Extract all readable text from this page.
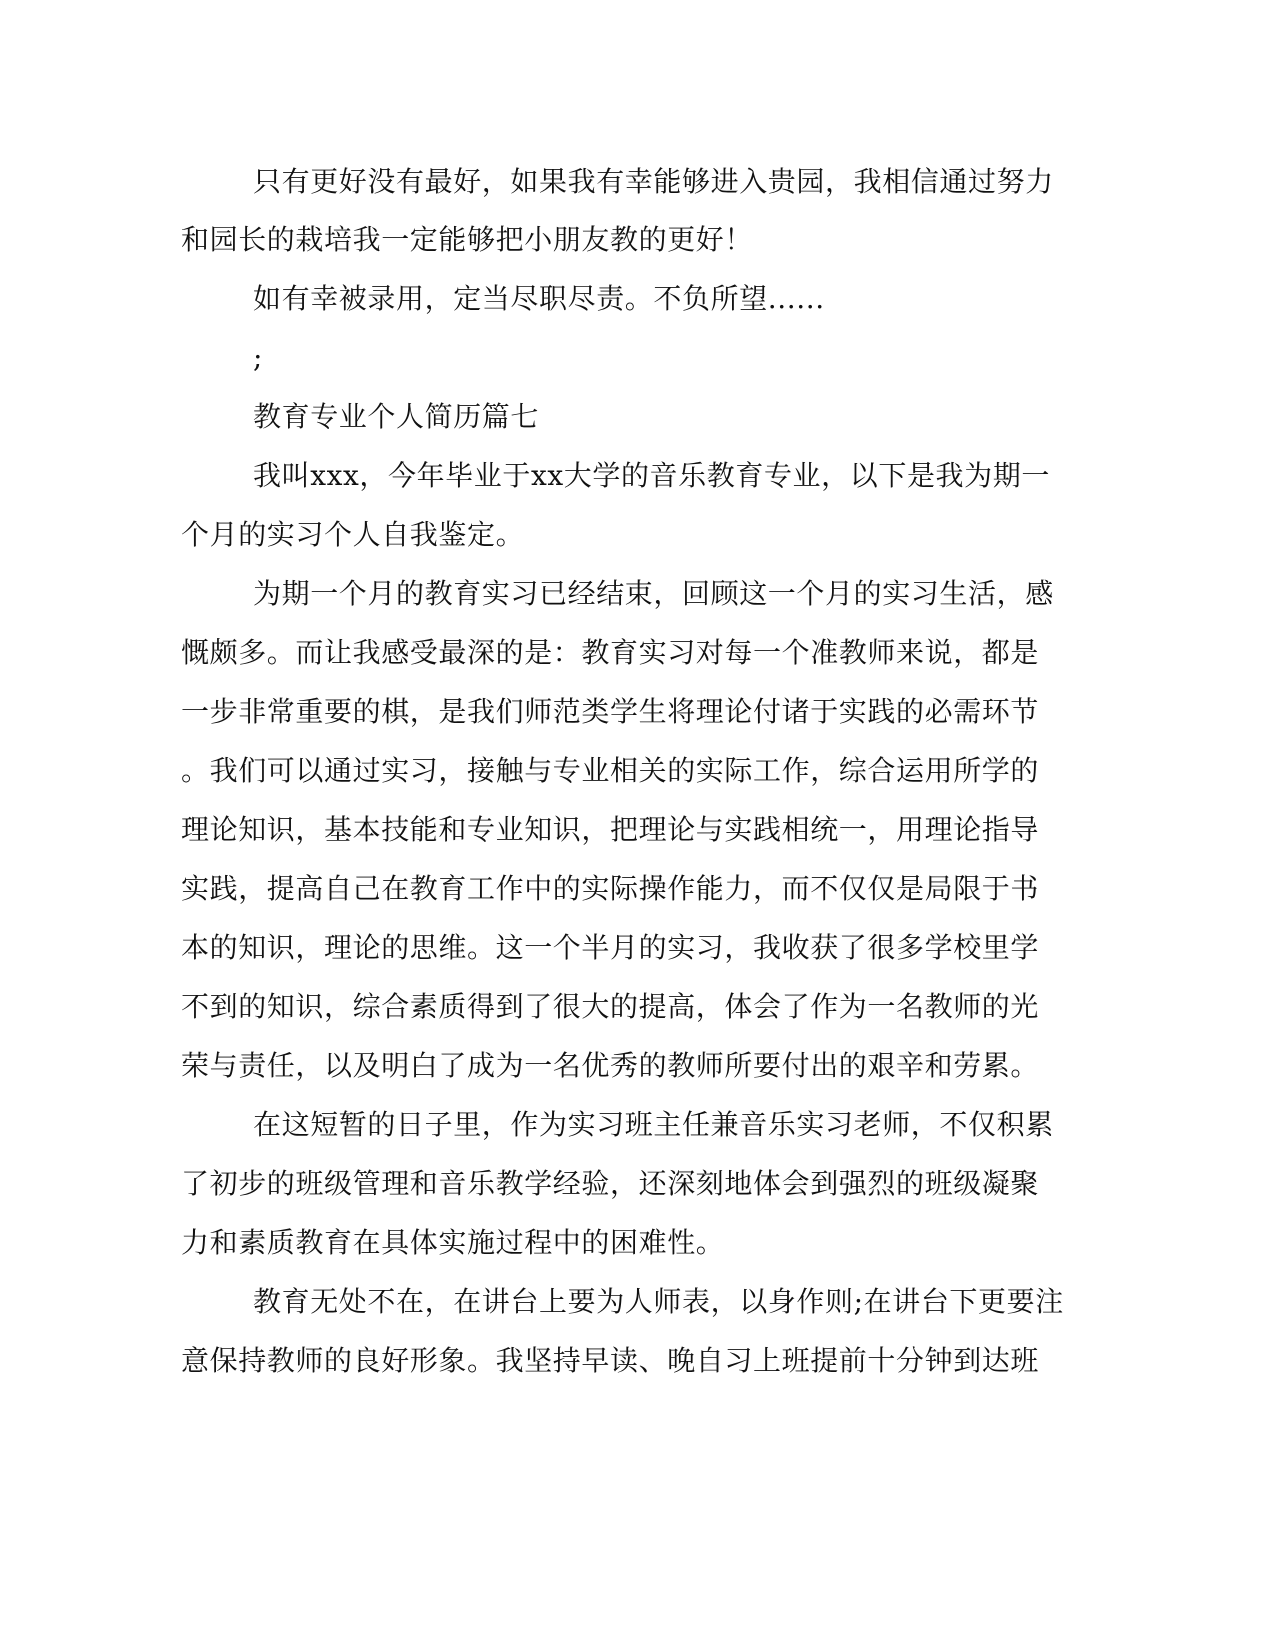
只有更好没有最好，如果我有幸能够进入贵园，我相信通过努力

和园长的栽培我一定能够把小朋友教的更好！

如有幸被录用，定当尽职尽责。不负所望......

;

教育专业个人简历篇七

我叫xxx，今年毕业于xx大学的音乐教育专业，以下是我为期一

个月的实习个人自我鉴定。

为期一个月的教育实习已经结束，回顾这一个月的实习生活，感

慨颇多。而让我感受最深的是：教育实习对每一个准教师来说，都是

一步非常重要的棋，是我们师范类学生将理论付诸于实践的必需环节

。我们可以通过实习，接触与专业相关的实际工作，综合运用所学的

理论知识，基本技能和专业知识，把理论与实践相统一，用理论指导

实践，提高自己在教育工作中的实际操作能力，而不仅仅是局限于书

本的知识，理论的思维。这一个半月的实习，我收获了很多学校里学

不到的知识，综合素质得到了很大的提高，体会了作为一名教师的光

荣与责任，以及明白了成为一名优秀的教师所要付出的艰辛和劳累。

在这短暂的日子里，作为实习班主任兼音乐实习老师，不仅积累

了初步的班级管理和音乐教学经验，还深刻地体会到强烈的班级凝聚

力和素质教育在具体实施过程中的困难性。

教育无处不在，在讲台上要为人师表，以身作则;在讲台下更要注

意保持教师的良好形象。我坚持早读、晚自习上班提前十分钟到达班
